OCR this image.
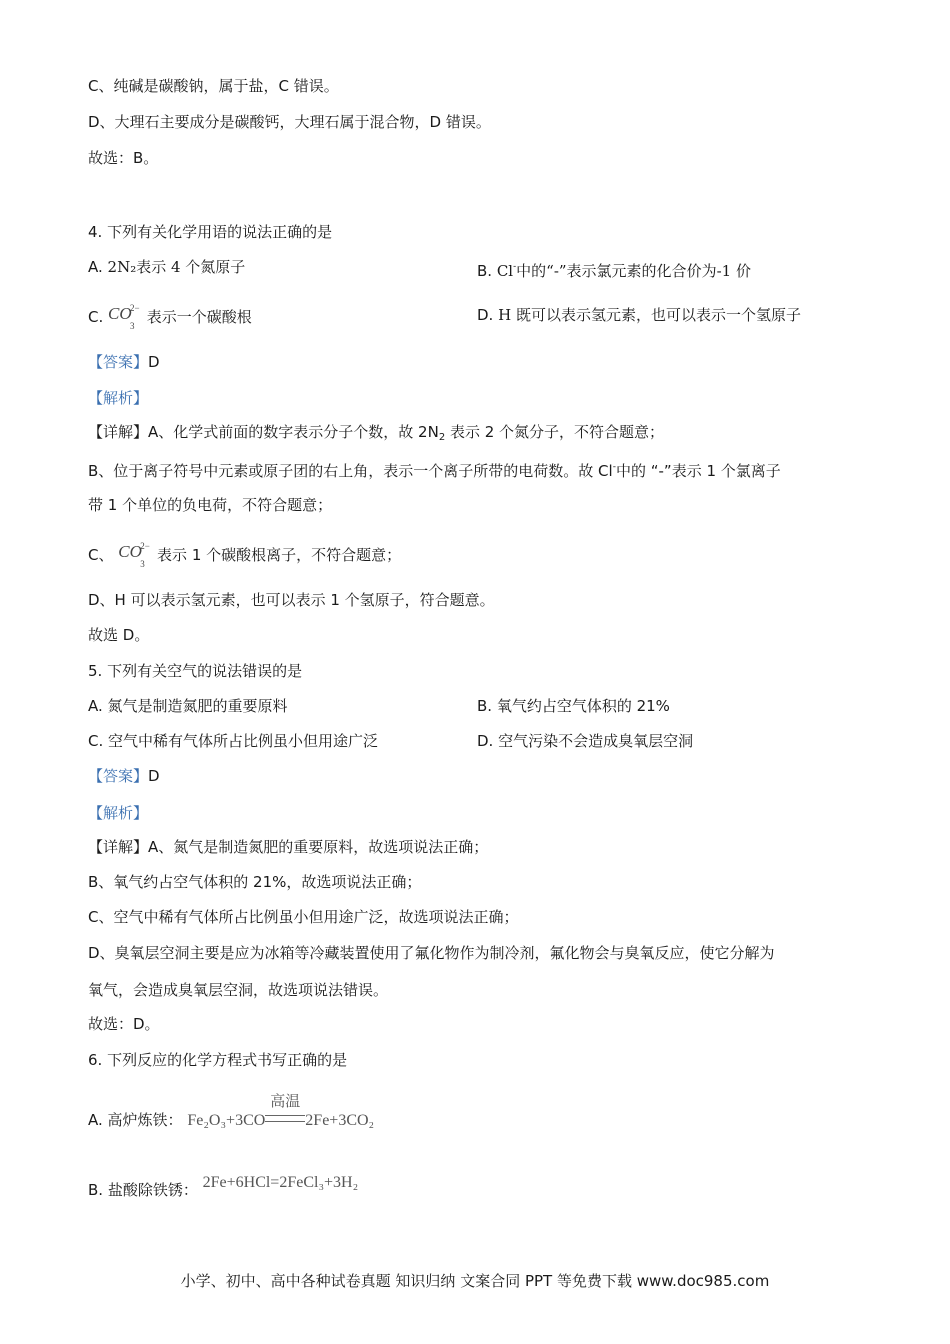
C、纯碱是碳酸钠，属于盐，C 错误。
D、大理石主要成分是碳酸钙，大理石属于混合物，D 错误。
故选：B。
4. 下列有关化学用语的说法正确的是
A. 2N₂表示 4 个氮原子	B. Cl-中的“-”表示氯元素的化合价为-1 价
C. CO
2−
3 表示一个碳酸根	D. H 既可以表示氢元素，也可以表示一个氢原子
【答案】D
【解析】
【详解】A、化学式前面的数字表示分子个数，故 $2N_2$ 表示 2 个氮分子，不符合题意；
B、位于离子符号中元素或原子团的右上角，表示一个离子所带的电荷数。故 Cl-中的 “-”表示 1 个氯离子
带 1 个单位的负电荷，不符合题意；
C、 CO
2−
3 表示 1 个碳酸根离子，不符合题意；
D、H 可以表示氢元素，也可以表示 1 个氢原子，符合题意。
故选 D。
5. 下列有关空气的说法错误的是
A. 氮气是制造氮肥的重要原料	B. 氧气约占空气体积的 21%
C. 空气中稀有气体所占比例虽小但用途广泛	D. 空气污染不会造成臭氧层空洞
【答案】D
【解析】
【详解】A、氮气是制造氮肥的重要原料，故选项说法正确；
B、氧气约占空气体积的 21%，故选项说法正确；
C、空气中稀有气体所占比例虽小但用途广泛，故选项说法正确；
D、臭氧层空洞主要是应为冰箱等冷藏装置使用了氟化物作为制冷剂，氟化物会与臭氧反应，使它分解为
氧气，会造成臭氧层空洞，故选项说法错误。
故选：D。
6. 下列反应的化学方程式书写正确的是
A. 高炉炼铁： Fe₂O₃+3CO
高温
2Fe+3CO₂
B. 盐酸除铁锈： 2Fe+6HCl=2FeCl₃+3H₂
小学、初中、高中各种试卷真题 知识归纳 文案合同 PPT 等免费下载 www.doc985.com
